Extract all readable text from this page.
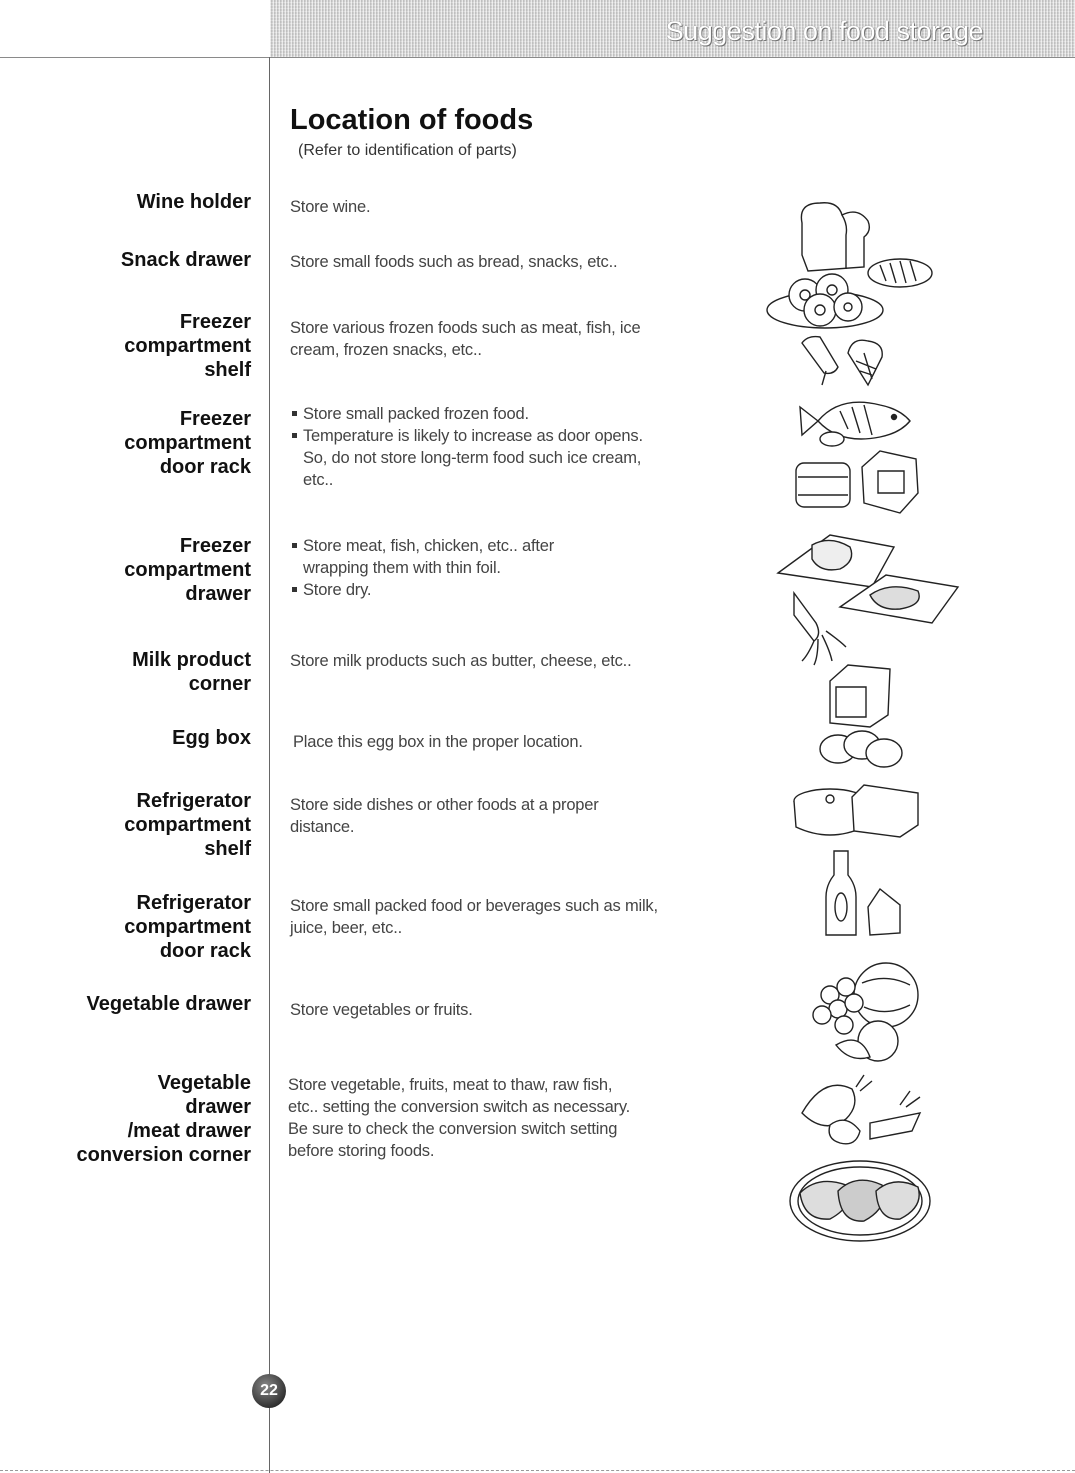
Suggestion on food storage
Location of foods

(Refer to identification of parts)

Wine holder Store wine.

Snack drawer Store small foods such as bread, snacks, etc..

Freezer
compartment
shelf

Store various frozen foods such as meat, fish, ice cream, frozen snacks, etc..

Freezer
compartment
door rack
Store small packed frozen food.
Temperature is likely to increase as door opens. So, do not store long-term food such ice cream, etc..
Freezer
compartment
drawer
Store meat, fish, chicken, etc.. after wrapping them with thin foil.
Store dry.
Milk product
corner

Store milk products such as butter, cheese, etc..

Egg box	Place this egg box in the proper location.

Refrigerator
compartment
shelf

Store side dishes or other foods at a proper distance.

Refrigerator
compartment
door rack

Store small packed food or beverages such as milk, juice, beer, etc..

Vegetable drawer Store vegetables or fruits.

Vegetable
drawer
/meat drawer
conversion corner

Store vegetable, fruits, meat to thaw, raw fish, etc.. setting the conversion switch as necessary.

Be sure to check the conversion switch setting before storing foods.

22
